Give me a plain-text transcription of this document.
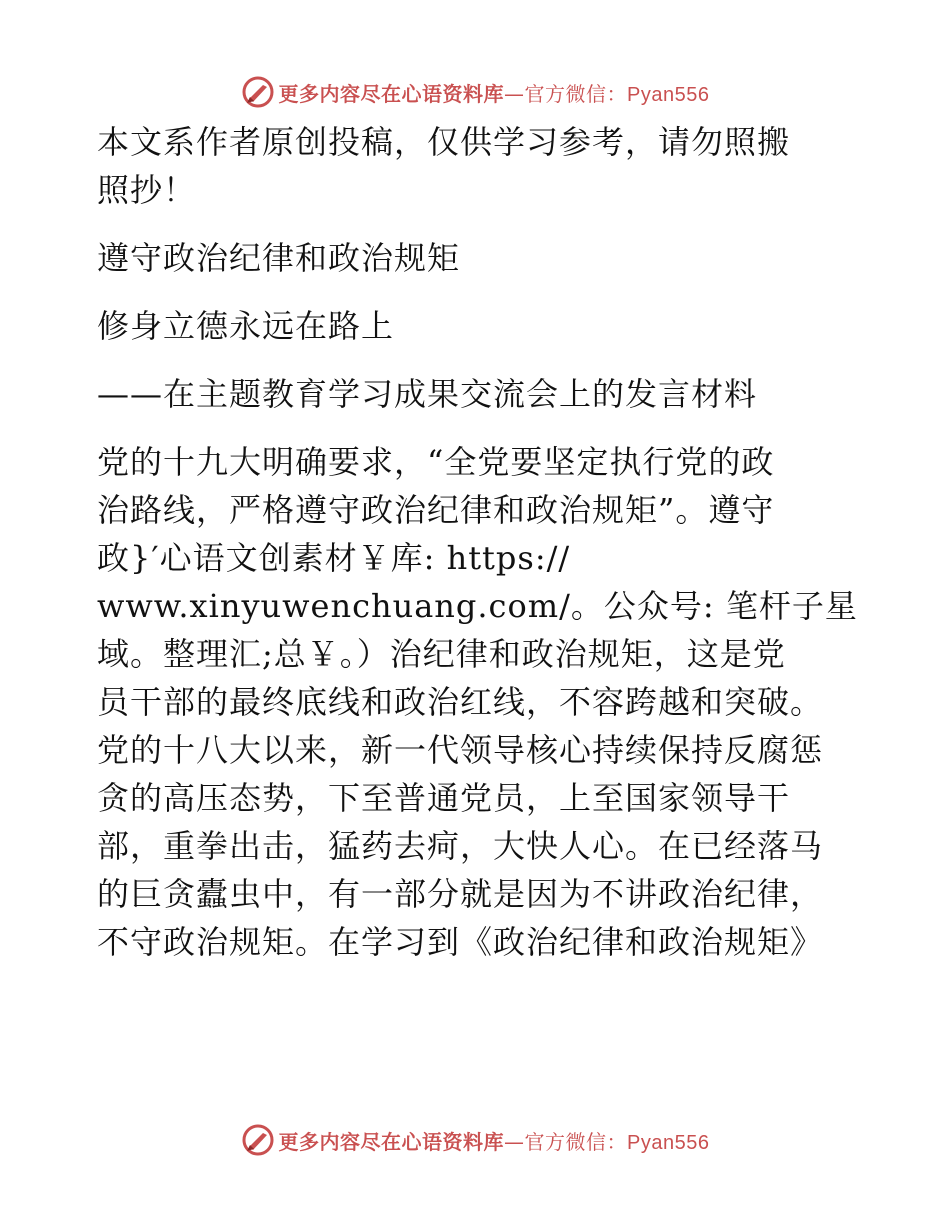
更多内容尽在心语资料库—官方微信：Pyan556
本文系作者原创投稿，仅供学习参考，请勿照搬
照抄！
遵守政治纪律和政治规矩
修身立德永远在路上
——在主题教育学习成果交流会上的发言材料
党的十九大明确要求，“全党要坚定执行党的政
治路线，严格遵守政治纪律和政治规矩”。遵守
政}′心语文创素材￥库: https://
www.xinyuwenchuang.com/。公众号: 笔杆子星
域。整理汇;总￥。）治纪律和政治规矩，这是党
员干部的最终底线和政治红线，不容跨越和突破。
党的十八大以来，新一代领导核心持续保持反腐惩
贪的高压态势，下至普通党员，上至国家领导干
部，重拳出击，猛药去疴，大快人心。在已经落马
的巨贪蠹虫中，有一部分就是因为不讲政治纪律，
不守政治规矩。在学习到《政治纪律和政治规矩》
更多内容尽在心语资料库—官方微信：Pyan556
